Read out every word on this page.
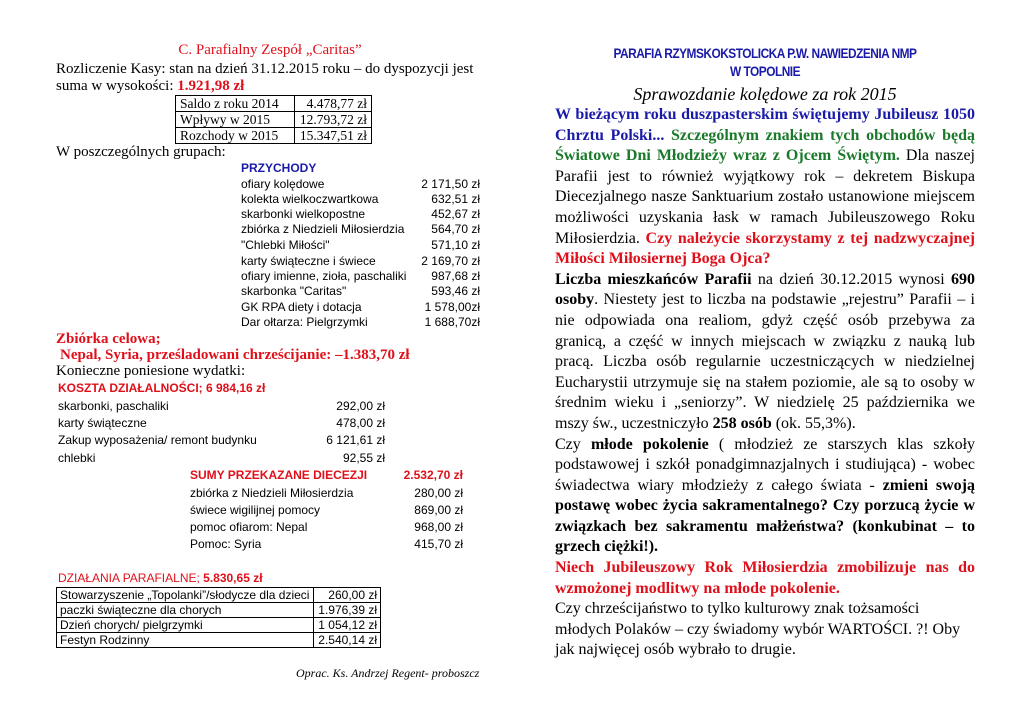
C. Parafialny Zespół „Caritas”
Rozliczenie Kasy: stan na dzień 31.12.2015 roku – do dyspozycji jest
suma w wysokości: 1.921,98 zł
Saldo z roku 2014	4.478,77 zł
Wpływy w 2015	12.793,72 zł
Rozchody w 2015	15.347,51 zł
W poszczególnych grupach:
PRZYCHODY
ofiary kolędowe	2 171,50 zł
kolekta wielkoczwartkowa	632,51 zł
skarbonki wielkopostne	452,67 zł
zbiórka z Niedzieli Miłosierdzia 564,70 zł
"Chlebki Miłości"	571,10 zł
karty świąteczne i świece	2 169,70 zł
ofiary imienne, zioła, paschaliki 987,68 zł
skarbonka "Caritas"	593,46 zł
GK RPA diety i dotacja	1 578,00zł
Dar ołtarza: Pielgrzymki	1 688,70zł
Zbiórka celowa;
Nepal, Syria, prześladowani chrześcijanie: –1.383,70 zł
Konieczne poniesione wydatki:
KOSZTA DZIAŁALNOŚCI; 6 984,16 zł
skarbonki, paschaliki	292,00 zł
karty świąteczne	478,00 zł
Zakup wyposażenia/ remont budynku	6 121,61 zł
chlebki	92,55 zł
SUMY PRZEKAZANE DIECEZJI	2.532,70 zł
zbiórka z Niedzieli Miłosierdzia	280,00 zł
świece wigilijnej pomocy	869,00 zł
pomoc ofiarom: Nepal	968,00 zł
Pomoc: Syria	415,70 zł
DZIAŁANIA PARAFIALNE; 5.830,65 zł
Stowarzyszenie „Topolanki”/słodycze dla dzieci	260,00 zł
paczki świąteczne dla chorych	1.976,39 zł
Dzień chorych/ pielgrzymki	1 054,12 zł
Festyn Rodzinny	2.540,14 zł
Oprac. Ks. Andrzej Regent- proboszcz
PARAFIA RZYMSKOKSTOLICKA P.W. NAWIEDZENIA NMP
W TOPOLNIE
Sprawozdanie kolędowe za rok 2015
W bieżącym roku duszpasterskim świętujemy Jubileusz 1050 Chrztu Polski... Szczególnym znakiem tych obchodów będą Światowe Dni Młodzieży wraz z Ojcem Świętym. Dla naszej Parafii jest to również wyjątkowy rok – dekretem Biskupa Diecezjalnego nasze Sanktuarium zostało ustanowione miejscem możliwości uzyskania łask w ramach Jubileuszowego Roku Miłosierdzia. Czy należycie skorzystamy z tej nadzwyczajnej Miłości Miłosiernej Boga Ojca?
Liczba mieszkańców Parafii na dzień 30.12.2015 wynosi 690 osoby. Niestety jest to liczba na podstawie „rejestru” Parafii – i nie odpowiada ona realiom, gdyż część osób przebywa za granicą, a część w innych miejscach w związku z nauką lub pracą. Liczba osób regularnie uczestniczących w niedzielnej Eucharystii utrzymuje się na stałem poziomie, ale są to osoby w średnim wieku i „seniorzy”. W niedzielę 25 października we mszy św., uczestniczyło 258 osób (ok. 55,3%).
Czy młode pokolenie ( młodzież ze starszych klas szkoły podstawowej i szkół ponadgimnazjalnych i studiująca) - wobec świadectwa wiary młodzieży z całego świata - zmieni swoją postawę wobec życia sakramentalnego? Czy porzucą życie w związkach bez sakramentu małżeństwa? (konkubinat – to grzech ciężki!).
Niech Jubileuszowy Rok Miłosierdzia zmobilizuje nas do wzmożonej modlitwy na młode pokolenie.
Czy chrześcijaństwo to tylko kulturowy znak tożsamości młodych Polaków – czy świadomy wybór WARTOŚCI. ?! Oby jak najwięcej osób wybrało to drugie.
